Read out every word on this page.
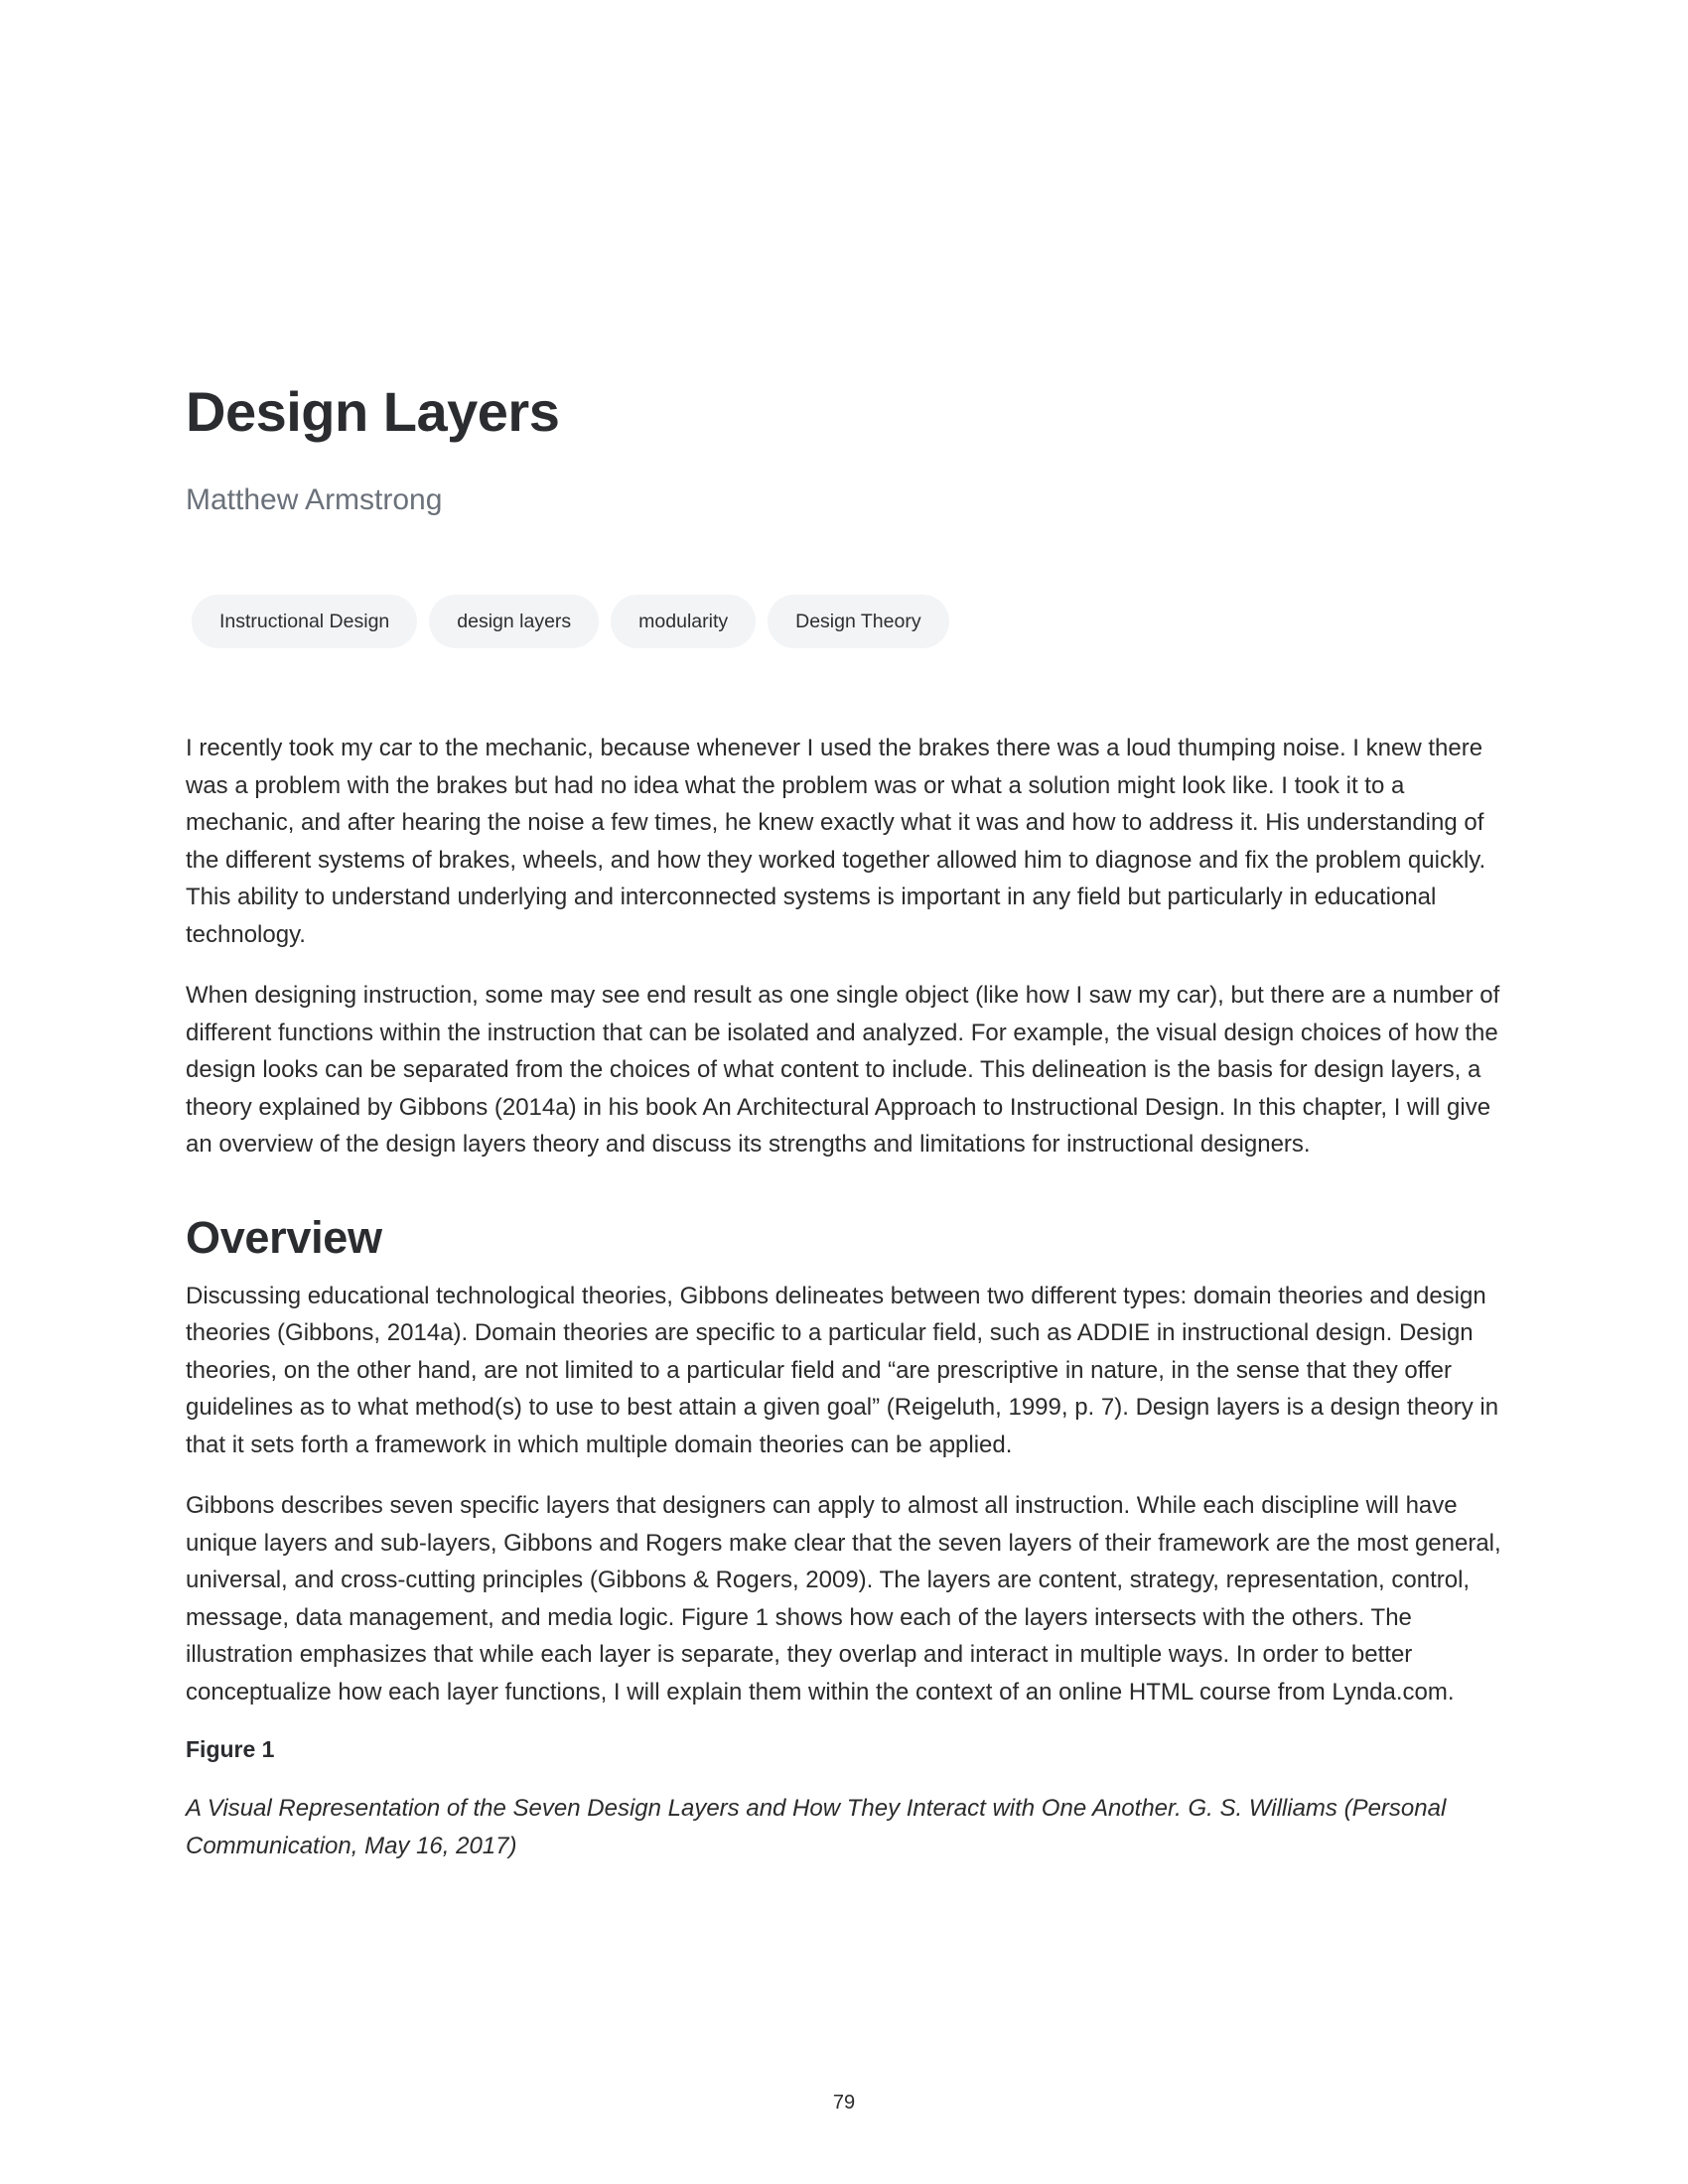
Design Layers
Matthew Armstrong
Instructional Design	design layers	modularity	Design Theory

I recently took my car to the mechanic, because whenever I used the brakes there was a loud thumping noise. I knew there was a problem with the brakes but had no idea what the problem was or what a solution might look like. I took it to a mechanic, and after hearing the noise a few times, he knew exactly what it was and how to address it. His understanding of the different systems of brakes, wheels, and how they worked together allowed him to diagnose and fix the problem quickly. This ability to understand underlying and interconnected systems is important in any field but particularly in educational technology.

When designing instruction, some may see end result as one single object (like how I saw my car), but there are a number of different functions within the instruction that can be isolated and analyzed. For example, the visual design choices of how the design looks can be separated from the choices of what content to include. This delineation is the basis for design layers, a theory explained by Gibbons (2014a) in his book An Architectural Approach to Instructional Design. In this chapter, I will give an overview of the design layers theory and discuss its strengths and limitations for instructional designers.

Overview

Discussing educational technological theories, Gibbons delineates between two different types: domain theories and design theories (Gibbons, 2014a). Domain theories are specific to a particular field, such as ADDIE in instructional design. Design theories, on the other hand, are not limited to a particular field and “are prescriptive in nature, in the sense that they offer guidelines as to what method(s) to use to best attain a given goal” (Reigeluth, 1999, p. 7). Design layers is a design theory in that it sets forth a framework in which multiple domain theories can be applied.

Gibbons describes seven specific layers that designers can apply to almost all instruction. While each discipline will have unique layers and sub-layers, Gibbons and Rogers make clear that the seven layers of their framework are the most general, universal, and cross-cutting principles (Gibbons & Rogers, 2009). The layers are content, strategy, representation, control, message, data management, and media logic. Figure 1 shows how each of the layers intersects with the others. The illustration emphasizes that while each layer is separate, they overlap and interact in multiple ways. In order to better conceptualize how each layer functions, I will explain them within the context of an online HTML course from Lynda.com.

Figure 1

A Visual Representation of the Seven Design Layers and How They Interact with One Another. G. S. Williams (Personal Communication, May 16, 2017)

79
